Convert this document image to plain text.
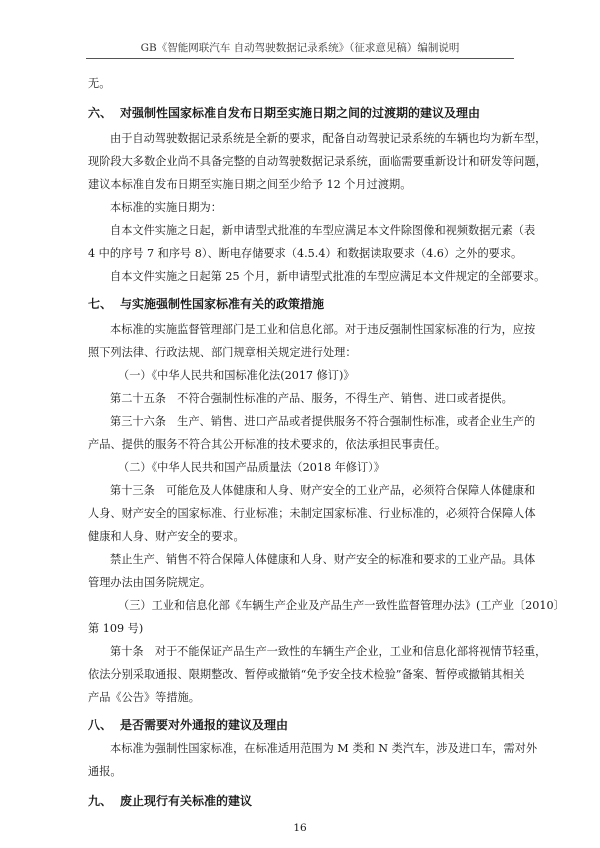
GB《智能网联汽车 自动驾驶数据记录系统》（征求意见稿）编制说明
无。
六、 对强制性国家标准自发布日期至实施日期之间的过渡期的建议及理由
由于自动驾驶数据记录系统是全新的要求，配备自动驾驶记录系统的车辆也均为新车型，
现阶段大多数企业尚不具备完整的自动驾驶数据记录系统，面临需要重新设计和研发等问题，
建议本标准自发布日期至实施日期之间至少给予 12 个月过渡期。
本标准的实施日期为：
自本文件实施之日起，新申请型式批准的车型应满足本文件除图像和视频数据元素（表
4 中的序号 7 和序号 8）、断电存储要求（4.5.4）和数据读取要求（4.6）之外的要求。
自本文件实施之日起第 25 个月，新申请型式批准的车型应满足本文件规定的全部要求。
七、 与实施强制性国家标准有关的政策措施
本标准的实施监督管理部门是工业和信息化部。对于违反强制性国家标准的行为，应按
照下列法律、行政法规、部门规章相关规定进行处理：
（一）《中华人民共和国标准化法(2017 修订)》
第二十五条　不符合强制性标准的产品、服务，不得生产、销售、进口或者提供。
第三十六条　生产、销售、进口产品或者提供服务不符合强制性标准，或者企业生产的
产品、提供的服务不符合其公开标准的技术要求的，依法承担民事责任。
（二）《中华人民共和国产品质量法（2018 年修订）》
第十三条　可能危及人体健康和人身、财产安全的工业产品，必须符合保障人体健康和
人身、财产安全的国家标准、行业标准；未制定国家标准、行业标准的，必须符合保障人体
健康和人身、财产安全的要求。
禁止生产、销售不符合保障人体健康和人身、财产安全的标准和要求的工业产品。具体
管理办法由国务院规定。
（三）工业和信息化部《车辆生产企业及产品生产一致性监督管理办法》(工产业〔2010〕
第 109 号)
第十条　对于不能保证产品生产一致性的车辆生产企业，工业和信息化部将视情节轻重，
依法分别采取通报、限期整改、暂停或撤销“免予安全技术检验”备案、暂停或撤销其相关
产品《公告》等措施。
八、 是否需要对外通报的建议及理由
本标准为强制性国家标准，在标准适用范围为 M 类和 N 类汽车，涉及进口车，需对外
16
通报。
九、 废止现行有关标准的建议
